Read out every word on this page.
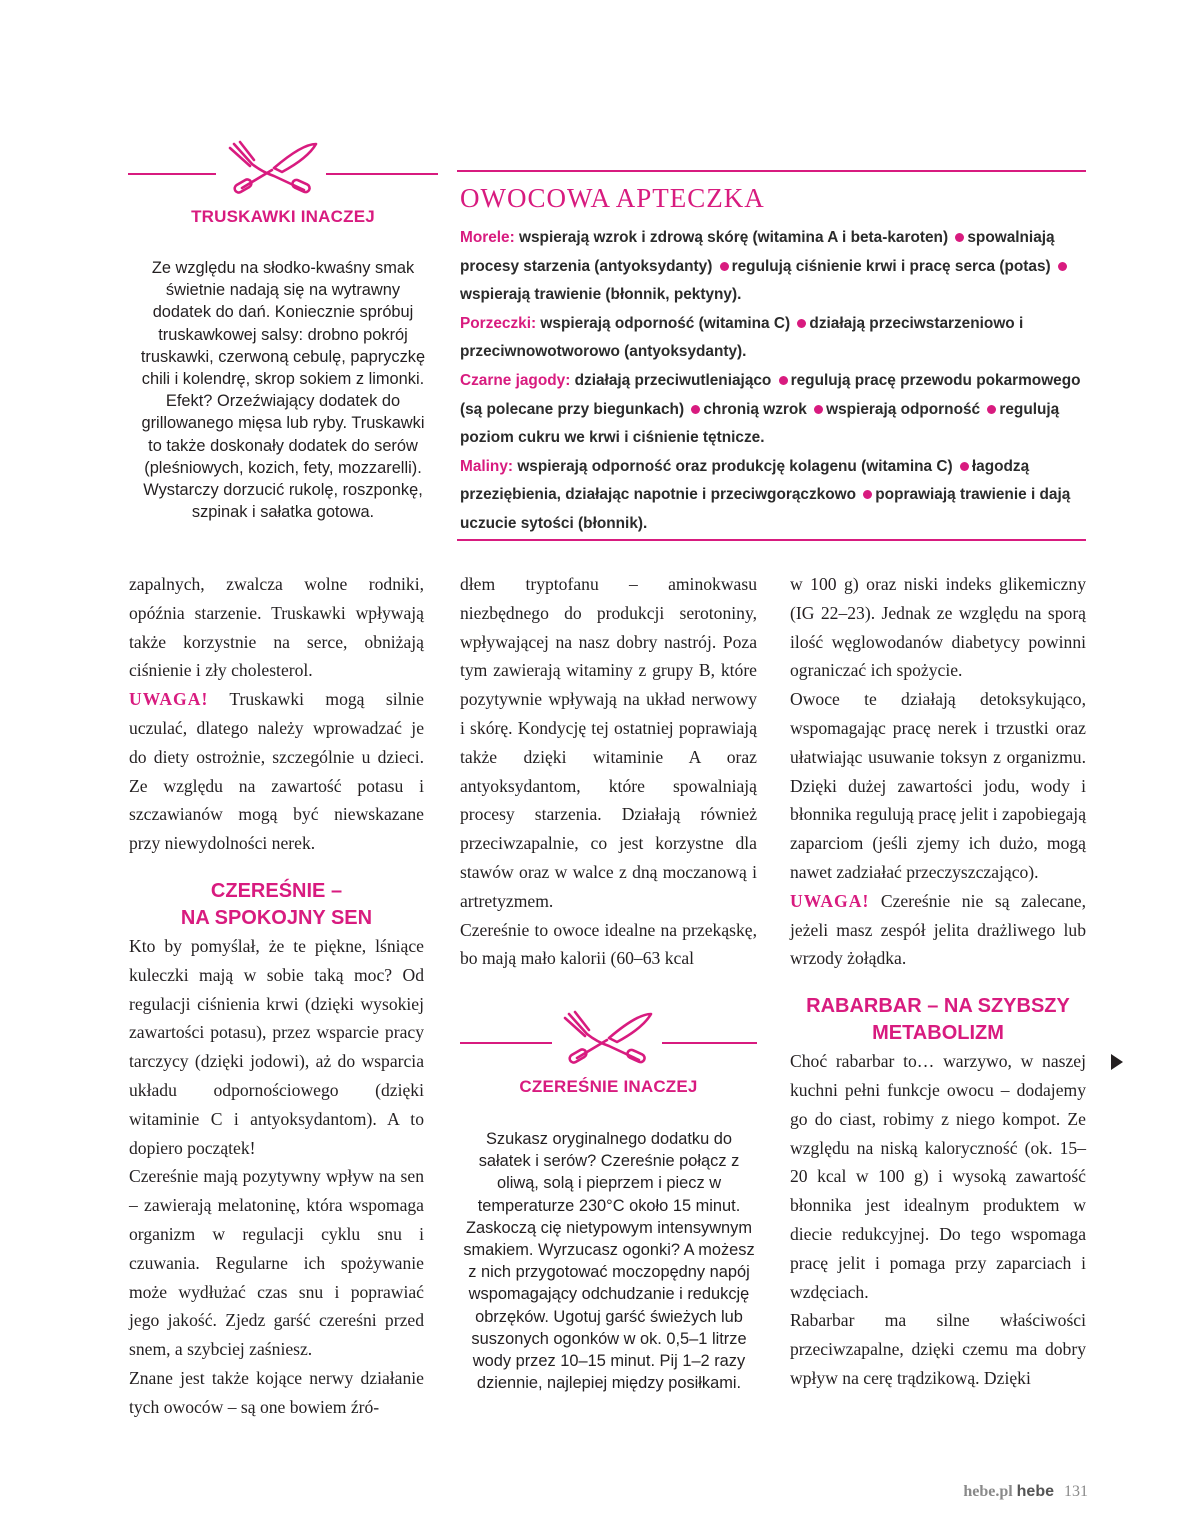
TRUSKAWKI INACZEJ
Ze względu na słodko-kwaśny smak świetnie nadają się na wytrawny dodatek do dań. Koniecznie spróbuj truskawkowej salsy: drobno pokrój truskawki, czerwoną cebulę, papryczkę chili i kolendrę, skrop sokiem z limonki. Efekt? Orzeźwiający dodatek do grillowanego mięsa lub ryby. Truskawki to także doskonały dodatek do serów (pleśniowych, kozich, fety, mozzarelli). Wystarczy dorzucić rukolę, roszponkę, szpinak i sałatka gotowa.
OWOCOWA APTECZKA
Morele: wspierają wzrok i zdrową skórę (witamina A i beta-karoten) spowalniają procesy starzenia (antyoksydanty) regulują ciśnienie krwi i pracę serca (potas) wspierają trawienie (błonnik, pektyny).
Porzeczki: wspierają odporność (witamina C) działają przeciwstarzeniowo i przeciwnowotworowo (antyoksydanty).
Czarne jagody: działają przeciwutleniająco regulują pracę przewodu pokarmowego (są polecane przy biegunkach) chronią wzrok wspierają odporność regulują poziom cukru we krwi i ciśnienie tętnicze.
Maliny: wspierają odporność oraz produkcję kolagenu (witamina C) łagodzą przeziębienia, działając napotnie i przeciwgorączkowo poprawiają trawienie i dają uczucie sytości (błonnik).

zapalnych, zwalcza wolne rodniki, opóźnia starzenie. Truskawki wpływają także korzystnie na serce, obniżają ciśnienie i zły cholesterol.

UWAGA! Truskawki mogą silnie uczulać, dlatego należy wprowadzać je do diety ostrożnie, szczególnie u dzieci. Ze względu na zawartość potasu i szczawianów mogą być niewskazane przy niewydolności nerek.

CZEREŚNIE –
NA SPOKOJNY SEN

Kto by pomyślał, że te piękne, lśniące kuleczki mają w sobie taką moc? Od regulacji ciśnienia krwi (dzięki wysokiej zawartości potasu), przez wsparcie pracy tarczycy (dzięki jodowi), aż do wsparcia układu odpornościowego (dzięki witaminie C i antyoksydantom). A to dopiero początek!

Czereśnie mają pozytywny wpływ na sen – zawierają melatoninę, która wspomaga organizm w regulacji cyklu snu i czuwania. Regularne ich spożywanie może wydłużać czas snu i poprawiać jego jakość. Zjedz garść czereśni przed snem, a szybciej zaśniesz.

Znane jest także kojące nerwy działanie tych owoców – są one bowiem źró-

dłem tryptofanu – aminokwasu niezbędnego do produkcji serotoniny, wpływającej na nasz dobry nastrój. Poza tym zawierają witaminy z grupy B, które pozytywnie wpływają na układ nerwowy i skórę. Kondycję tej ostatniej poprawiają także dzięki witaminie A oraz antyoksydantom, które spowalniają procesy starzenia. Działają również przeciwzapalnie, co jest korzystne dla stawów oraz w walce z dną moczanową i artretyzmem.

Czereśnie to owoce idealne na przekąskę, bo mają mało kalorii (60–63 kcal

CZEREŚNIE INACZEJ
Szukasz oryginalnego dodatku do sałatek i serów? Czereśnie połącz z oliwą, solą i pieprzem i piecz w temperaturze 230°C około 15 minut. Zaskoczą cię nietypowym intensywnym smakiem. Wyrzucasz ogonki? A możesz z nich przygotować moczopędny napój wspomagający odchudzanie i redukcję obrzęków. Ugotuj garść świeżych lub suszonych ogonków w ok. 0,5–1 litrze wody przez 10–15 minut. Pij 1–2 razy dziennie, najlepiej między posiłkami.

w 100 g) oraz niski indeks glikemiczny (IG 22–23). Jednak ze względu na sporą ilość węglowodanów diabetycy powinni ograniczać ich spożycie.

Owoce te działają detoksykująco, wspomagając pracę nerek i trzustki oraz ułatwiając usuwanie toksyn z organizmu. Dzięki dużej zawartości jodu, wody i błonnika regulują pracę jelit i zapobiegają zaparciom (jeśli zjemy ich dużo, mogą nawet zadziałać przeczyszczająco).

UWAGA! Czereśnie nie są zalecane, jeżeli masz zespół jelita drażliwego lub wrzody żołądka.

RABARBAR – NA SZYBSZY
METABOLIZM

Choć rabarbar to… warzywo, w naszej kuchni pełni funkcje owocu – dodajemy go do ciast, robimy z niego kompot. Ze względu na niską kaloryczność (ok. 15–20 kcal w 100 g) i wysoką zawartość błonnika jest idealnym produktem w diecie redukcyjnej. Do tego wspomaga pracę jelit i pomaga przy zaparciach i wzdęciach.

Rabarbar ma silne właściwości przeciwzapalne, dzięki czemu ma dobry wpływ na cerę trądzikową. Dzięki

hebe.pl hebe 131
